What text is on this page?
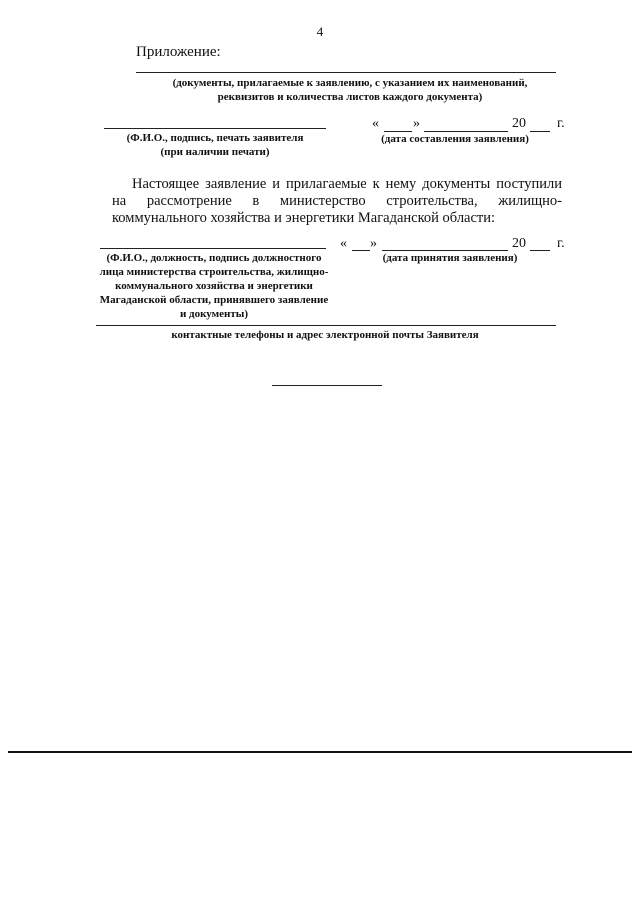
4
Приложение:
(документы, прилагаемые к заявлению, с указанием их наименований,
реквизитов и количества листов каждого документа)
(Ф.И.О., подпись, печать заявителя
(при наличии печати)
« »	20 г.
(дата составления заявления)
Настоящее заявление и прилагаемые к нему документы поступили на рассмотрение в министерство строительства, жилищно-коммунального хозяйства и энергетики Магаданской области:
(Ф.И.О., должность, подпись должностного
лица министерства строительства, жилищно-
коммунального хозяйства и энергетики
Магаданской области, принявшего заявление
и документы)
« »	20 г.
(дата принятия заявления)
контактные телефоны и адрес электронной почты Заявителя
